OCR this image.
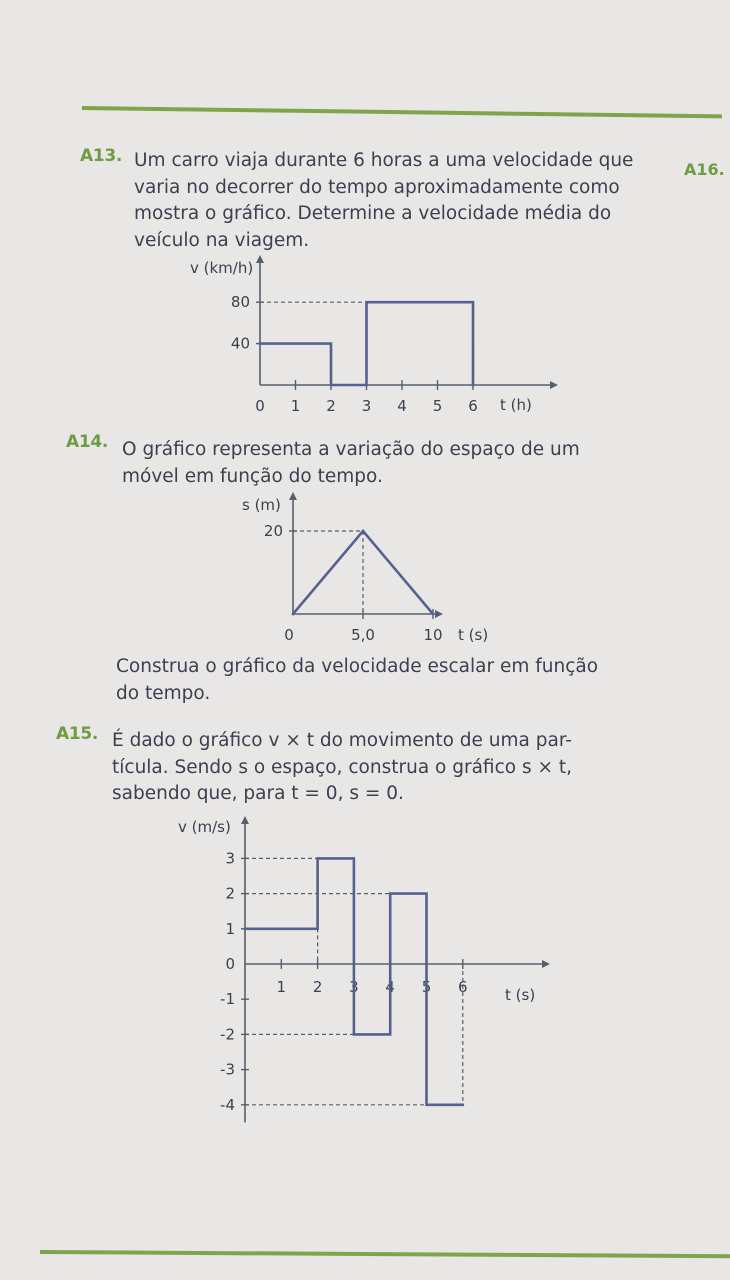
A16.
A13. Um carro viaja durante 6 horas a uma velocidade que
varia no decorrer do tempo aproximadamente como
mostra o gráfico. Determine a velocidade média do
veículo na viagem.
v (km/h)
t (h)
0 1 2 3 4 5 6
40
80
A14. O gráfico representa a variação do espaço de um
móvel em função do tempo.
s (m)
t (s)
0	5,0	10
20
Construa o gráfico da velocidade escalar em função
do tempo.
A15. É dado o gráfico v × t do movimento de uma par-
tícula. Sendo s o espaço, construa o gráfico s × t,
sabendo que, para t = 0, s = 0.
v (m/s)
t (s)
1 2 3 4 5 6
3
2
1
0
-1
-2
-3
-4
